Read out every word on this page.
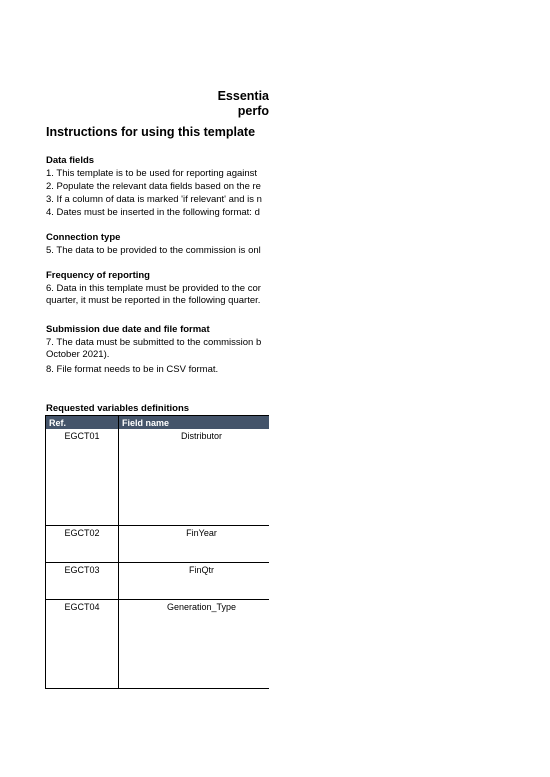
Essentia
perfo
Instructions for using this template
Data fields
1. This template is to be used for reporting against
2. Populate the relevant data fields based on the re
3. If a column of data is marked 'if relevant' and is n
4. Dates must be inserted in the following format: d
Connection type
5. The data to be provided to the commission is onl
Frequency of reporting
6. Data in this template must be provided to the cor
quarter, it must be reported in the following quarter.
Submission due date and file format
7. The data must be submitted to the commission b
October 2021).
8. File format needs to be in CSV format.
Requested variables definitions
Ref.	Field name
EGCT01	Distributor
EGCT02	FinYear
EGCT03	FinQtr
EGCT04	Generation_Type
